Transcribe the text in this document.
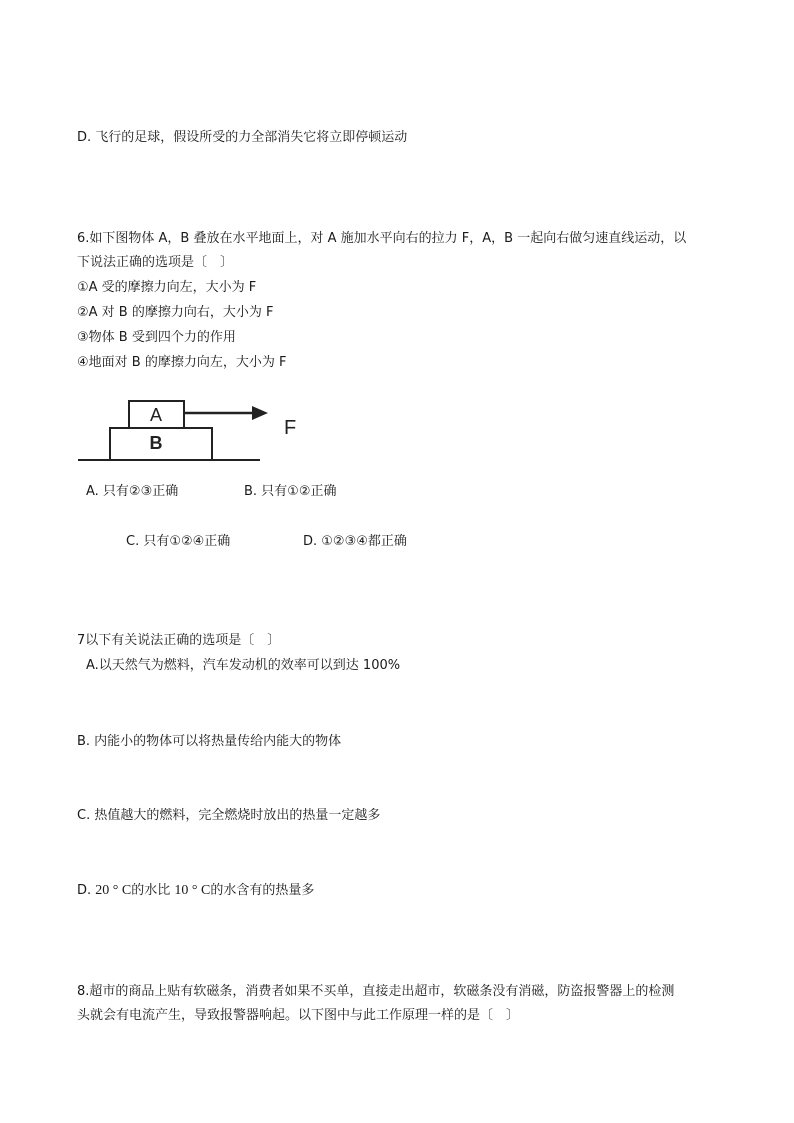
D. 飞行的足球，假设所受的力全部消失它将立即停顿运动
6.如下图物体 A，B 叠放在水平地面上，对 A 施加水平向右的拉力 F，A，B 一起向右做匀速直线运动，以
下说法正确的选项是〔　〕
①A 受的摩擦力向左，大小为 F
②A 对 B 的摩擦力向右，大小为 F
③物体 B 受到四个力的作用
④地面对 B 的摩擦力向左，大小为 F
A
B
F
A. 只有②③正确	B. 只有①②正确
C. 只有①②④正确	D. ①②③④都正确
7以下有关说法正确的选项是〔　〕
A.以天然气为燃料，汽车发动机的效率可以到达 100%
B. 内能小的物体可以将热量传给内能大的物体
C. 热值越大的燃料，完全燃烧时放出的热量一定越多
D. 20 ° C的水比 10 ° C的水含有的热量多
8.超市的商品上贴有软磁条，消费者如果不买单，直接走出超市，软磁条没有消磁，防盗报警器上的检测
头就会有电流产生，导致报警器响起。以下图中与此工作原理一样的是〔　〕
